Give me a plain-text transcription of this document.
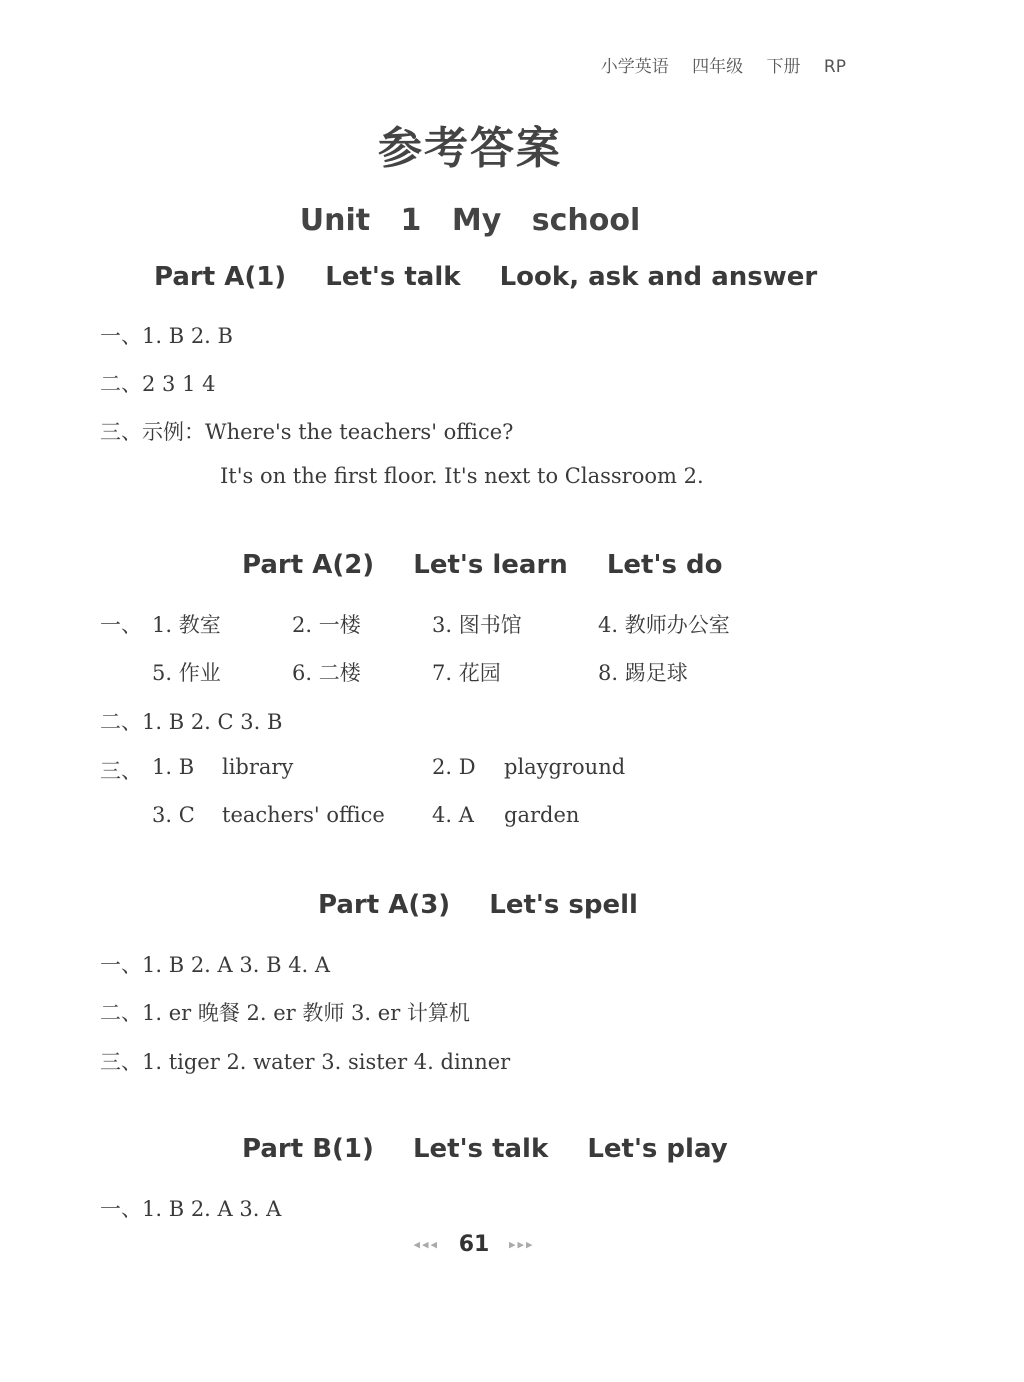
小学英语 四年级 下册 RP
参考答案
Unit 1 My school
Part A(1) Let's talk Look, ask and answer
一、1. B 2. B
二、2 3 1 4
三、示例：Where's the teachers' office?
It's on the first floor. It's next to Classroom 2.
Part A(2) Let's learn Let's do
一、 1. 教室	2. 一楼	3. 图书馆	4. 教师办公室
5. 作业	6. 二楼	7. 花园	8. 踢足球
二、1. B 2. C 3. B
三、 1. B library	2. D playground
3. C teachers' office 4. A garden
Part A(3) Let's spell
一、1. B 2. A 3. B 4. A
二、1. er 晚餐 2. er 教师 3. er 计算机
三、1. tiger 2. water 3. sister 4. dinner
Part B(1) Let's talk Let's play
一、1. B 2. A 3. A
◂◂◂ 61 ▸▸▸
